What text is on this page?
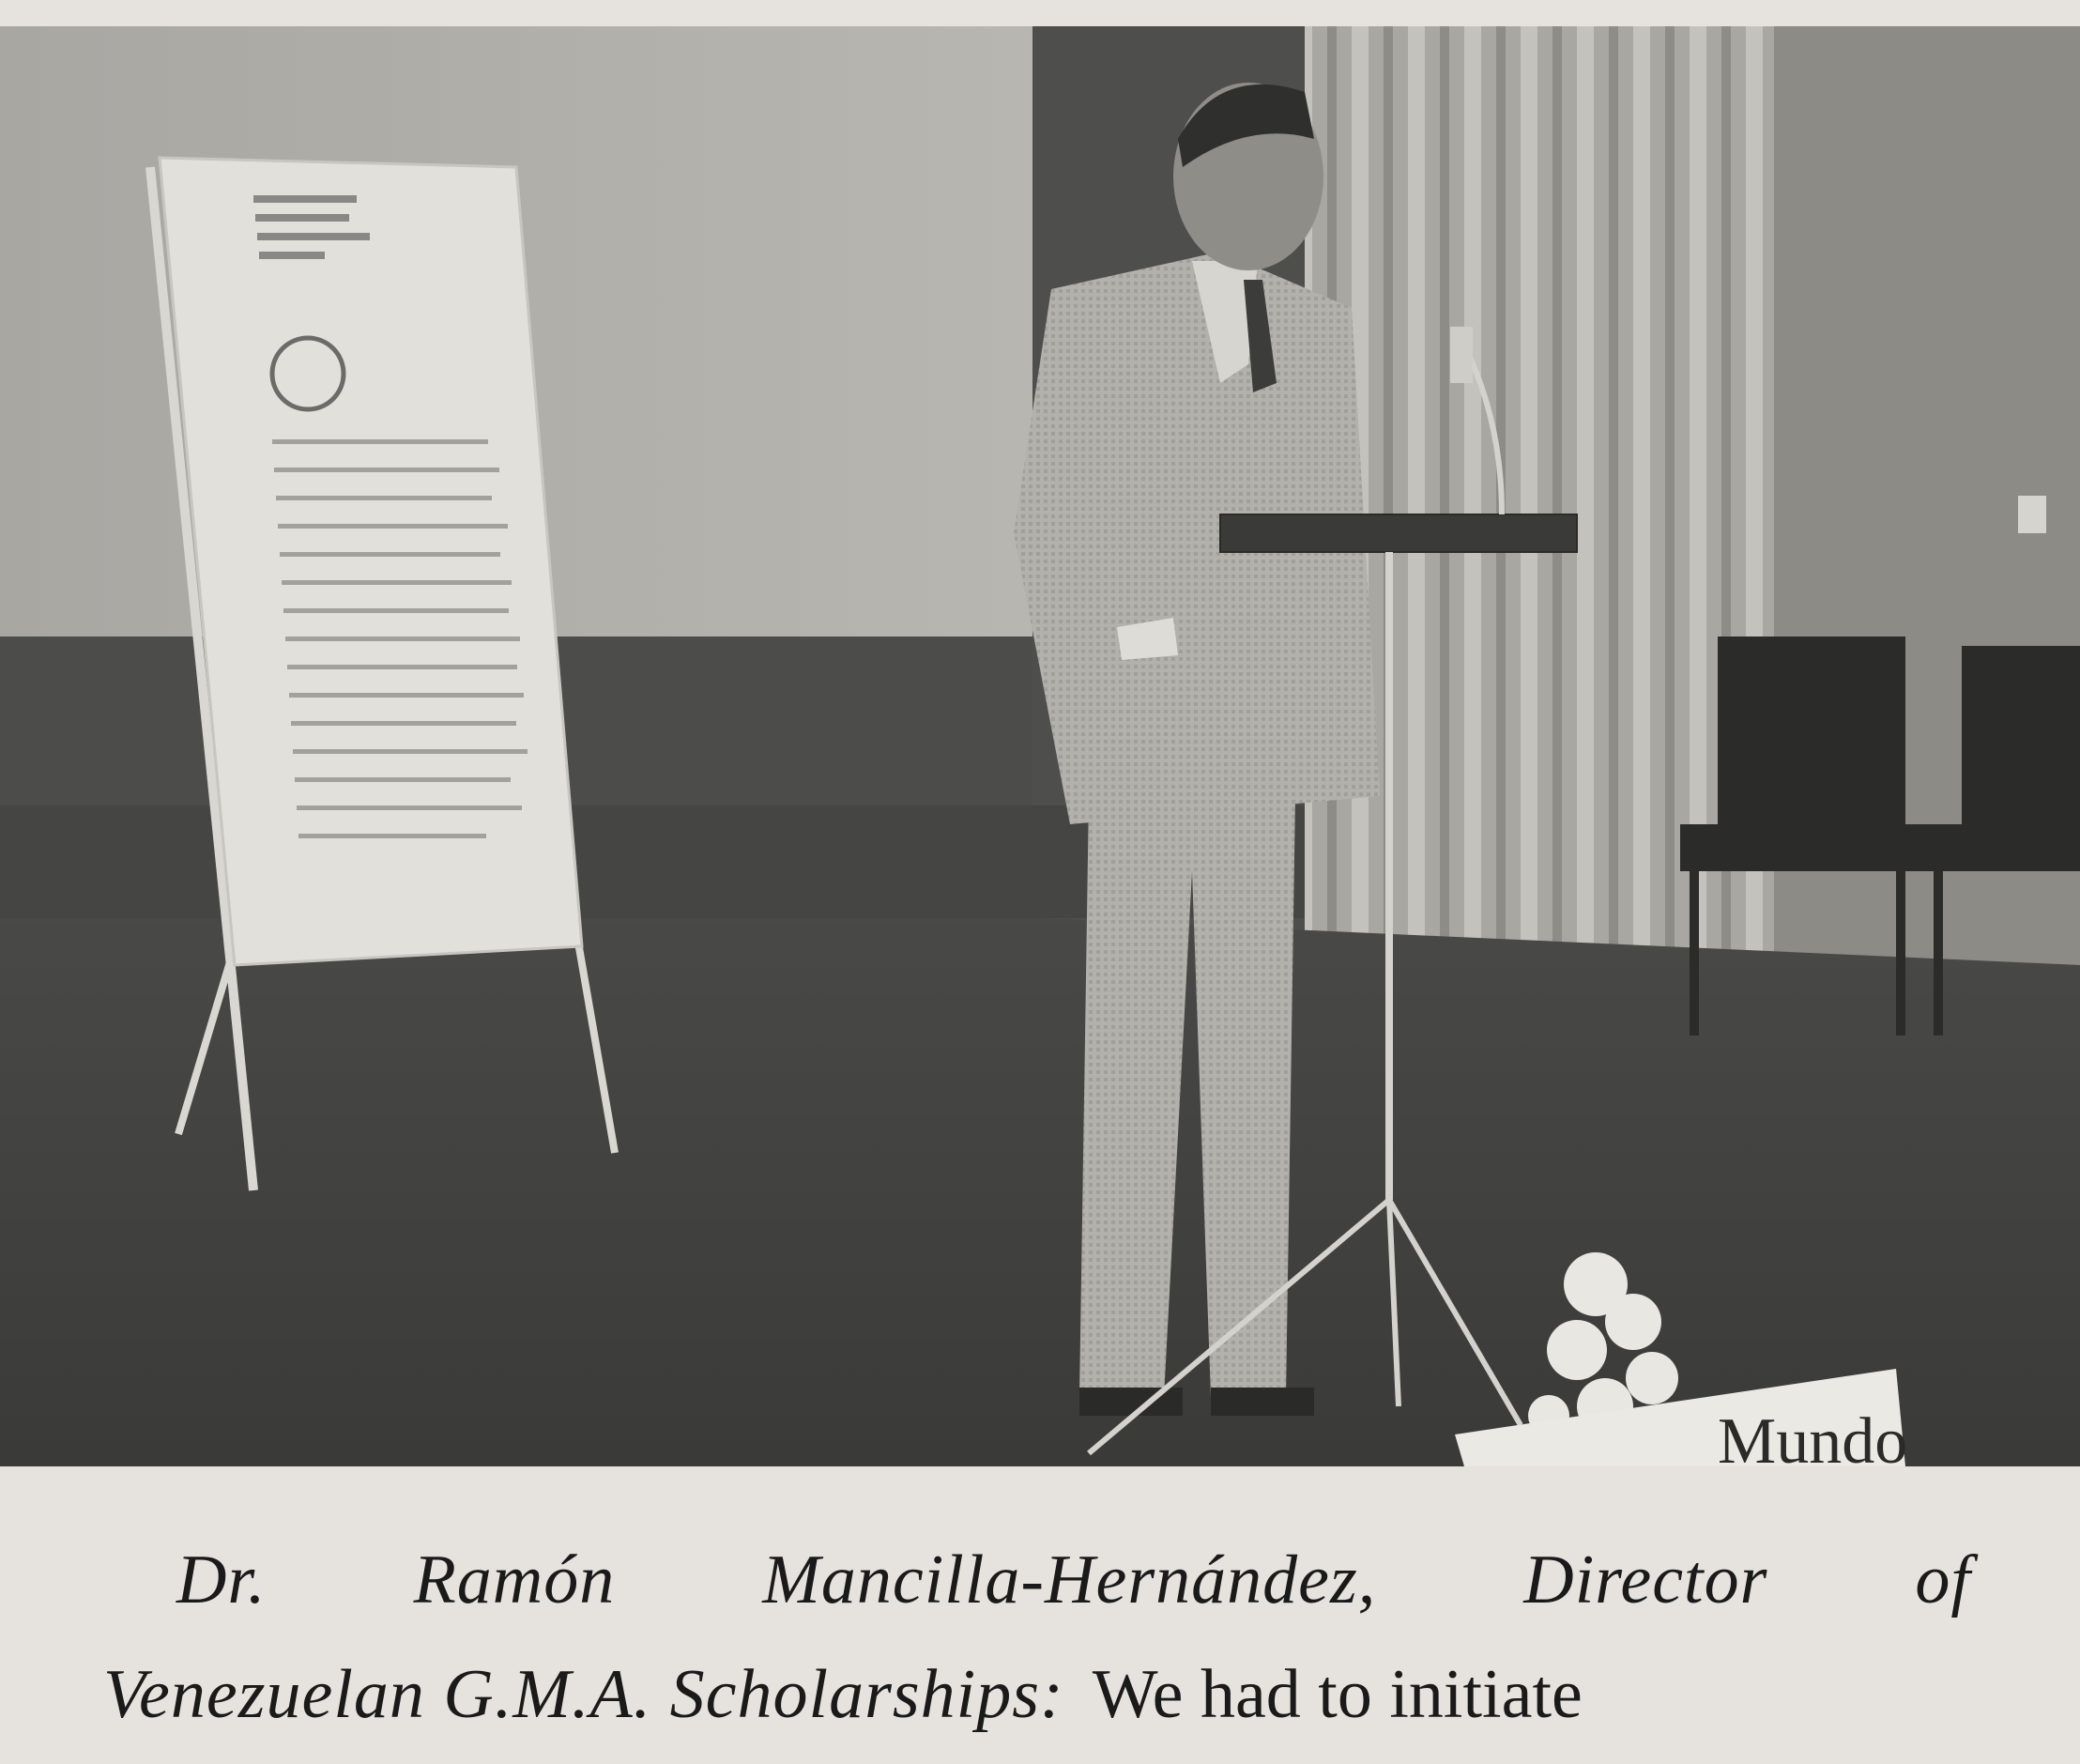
Mundo
Dr. Ramón Mancilla-Hernández, Director of
Venezuelan G.M.A. Scholarships: We had to initiate
